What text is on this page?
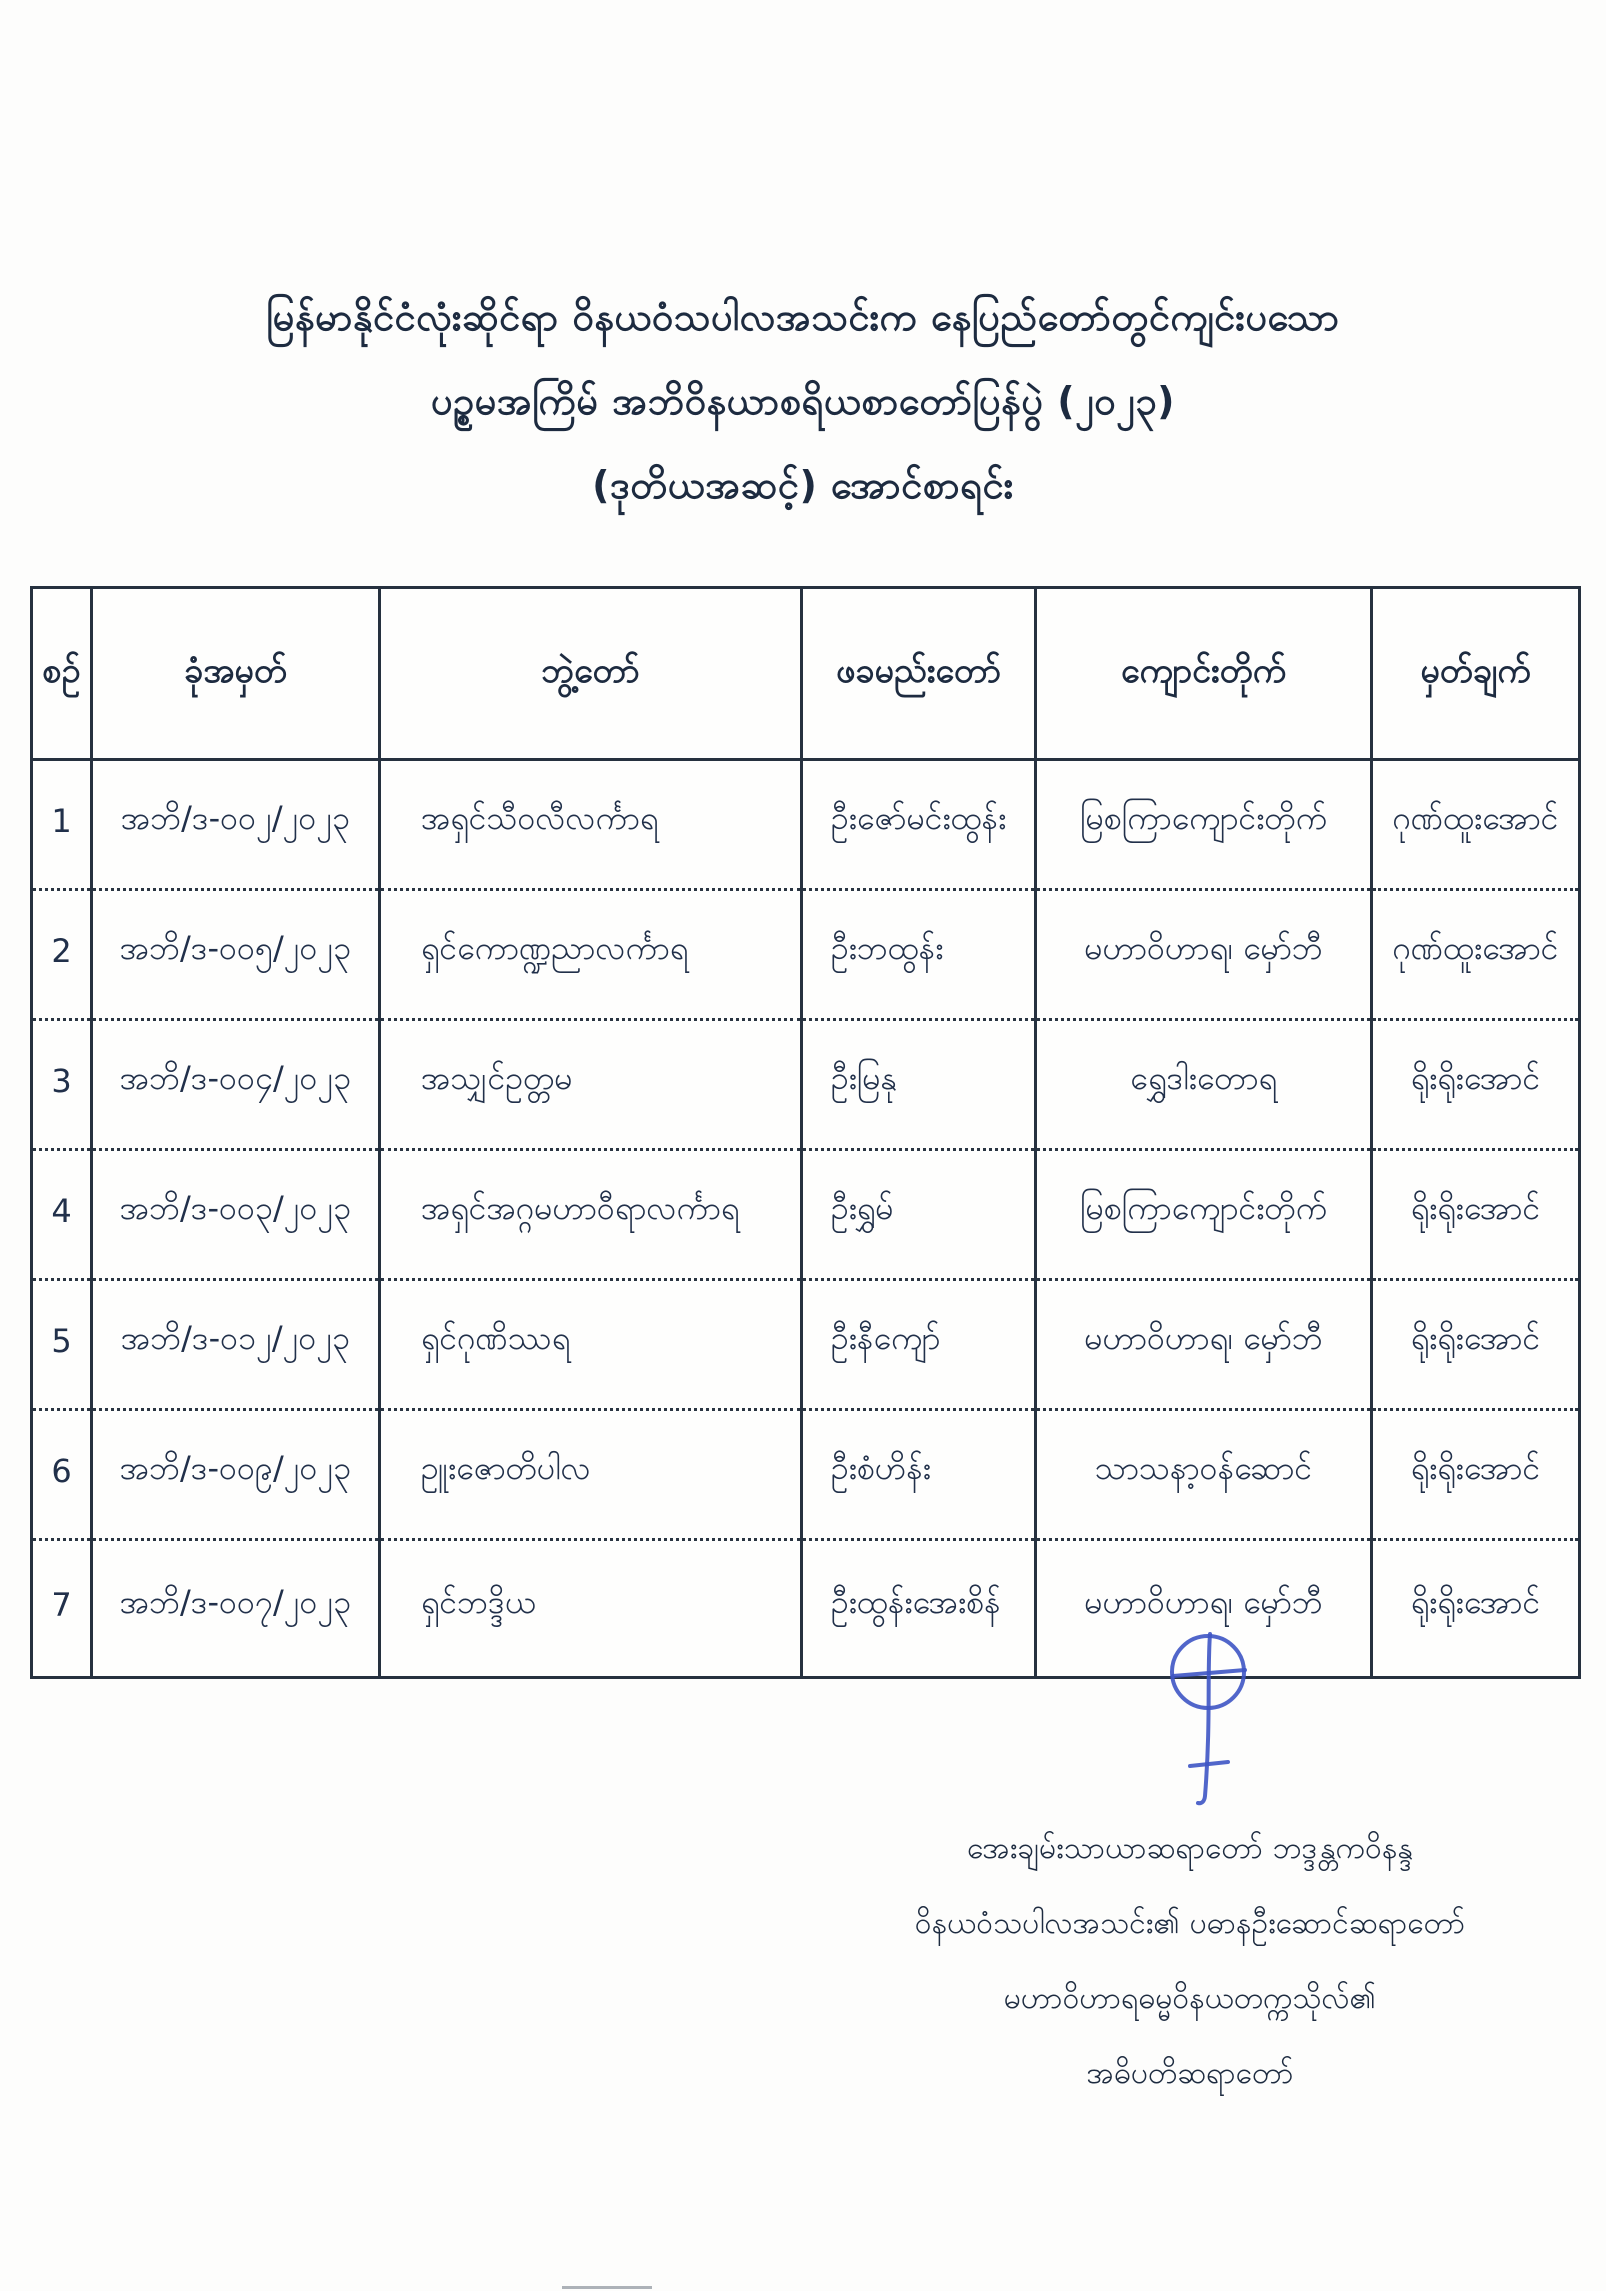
မြန်မာနိုင်ငံလုံးဆိုင်ရာ ဝိနယဝံသပါလအသင်းက နေပြည်တော်တွင်ကျင်းပသော
ပဉ္စမအကြိမ် အဘိဝိနယာစရိယစာတော်ပြန်ပွဲ (၂၀၂၃)
(ဒုတိယအဆင့်) အောင်စာရင်း
စဉ်	ခုံအမှတ်	ဘွဲ့တော်	ဖခမည်းတော်	ကျောင်းတိုက်	မှတ်ချက်
1	အဘိ/ဒ-၀၀၂/၂၀၂၃	အရှင်သီဝလီလင်္ကာရ	ဦးဇော်မင်းထွန်း	မြစကြာကျောင်းတိုက်	ဂုဏ်ထူးအောင်
2	အဘိ/ဒ-၀၀၅/၂၀၂၃	ရှင်ကောဏ္ဍညာလင်္ကာရ	ဦးဘထွန်း	မဟာဝိဟာရ၊ မှော်ဘီ	ဂုဏ်ထူးအောင်
3	အဘိ/ဒ-၀၀၄/၂၀၂၃	အသျှင်ဥတ္တမ	ဦးမြနု	ရွှေဒါးတောရ	ရိုးရိုးအောင်
4	အဘိ/ဒ-၀၀၃/၂၀၂၃	အရှင်အဂ္ဂမဟာဝီရာလင်္ကာရ	ဦးရွှမ်	မြစကြာကျောင်းတိုက်	ရိုးရိုးအောင်
5	အဘိ/ဒ-၀၁၂/၂၀၂၃	ရှင်ဂုဏိဿရ	ဦးနီကျော်	မဟာဝိဟာရ၊ မှော်ဘီ	ရိုးရိုးအောင်
6	အဘိ/ဒ-၀၀၉/၂၀၂၃	ဥူးဇောတိပါလ	ဦးစံဟိန်း	သာသနာ့ဝန်ဆောင်	ရိုးရိုးအောင်
7	အဘိ/ဒ-၀၀၇/၂၀၂၃	ရှင်ဘဒ္ဒိယ	ဦးထွန်းအေးစိန်	မဟာဝိဟာရ၊ မှော်ဘီ	ရိုးရိုးအောင်
အေးချမ်းသာယာဆရာတော် ဘဒ္ဒန္တကဝိနန္ဒ
ဝိနယဝံသပါလအသင်း၏ ပဓာနဦးဆောင်ဆရာတော်
မဟာဝိဟာရဓမ္မဝိနယတက္ကသိုလ်၏
အဓိပတိဆရာတော်
